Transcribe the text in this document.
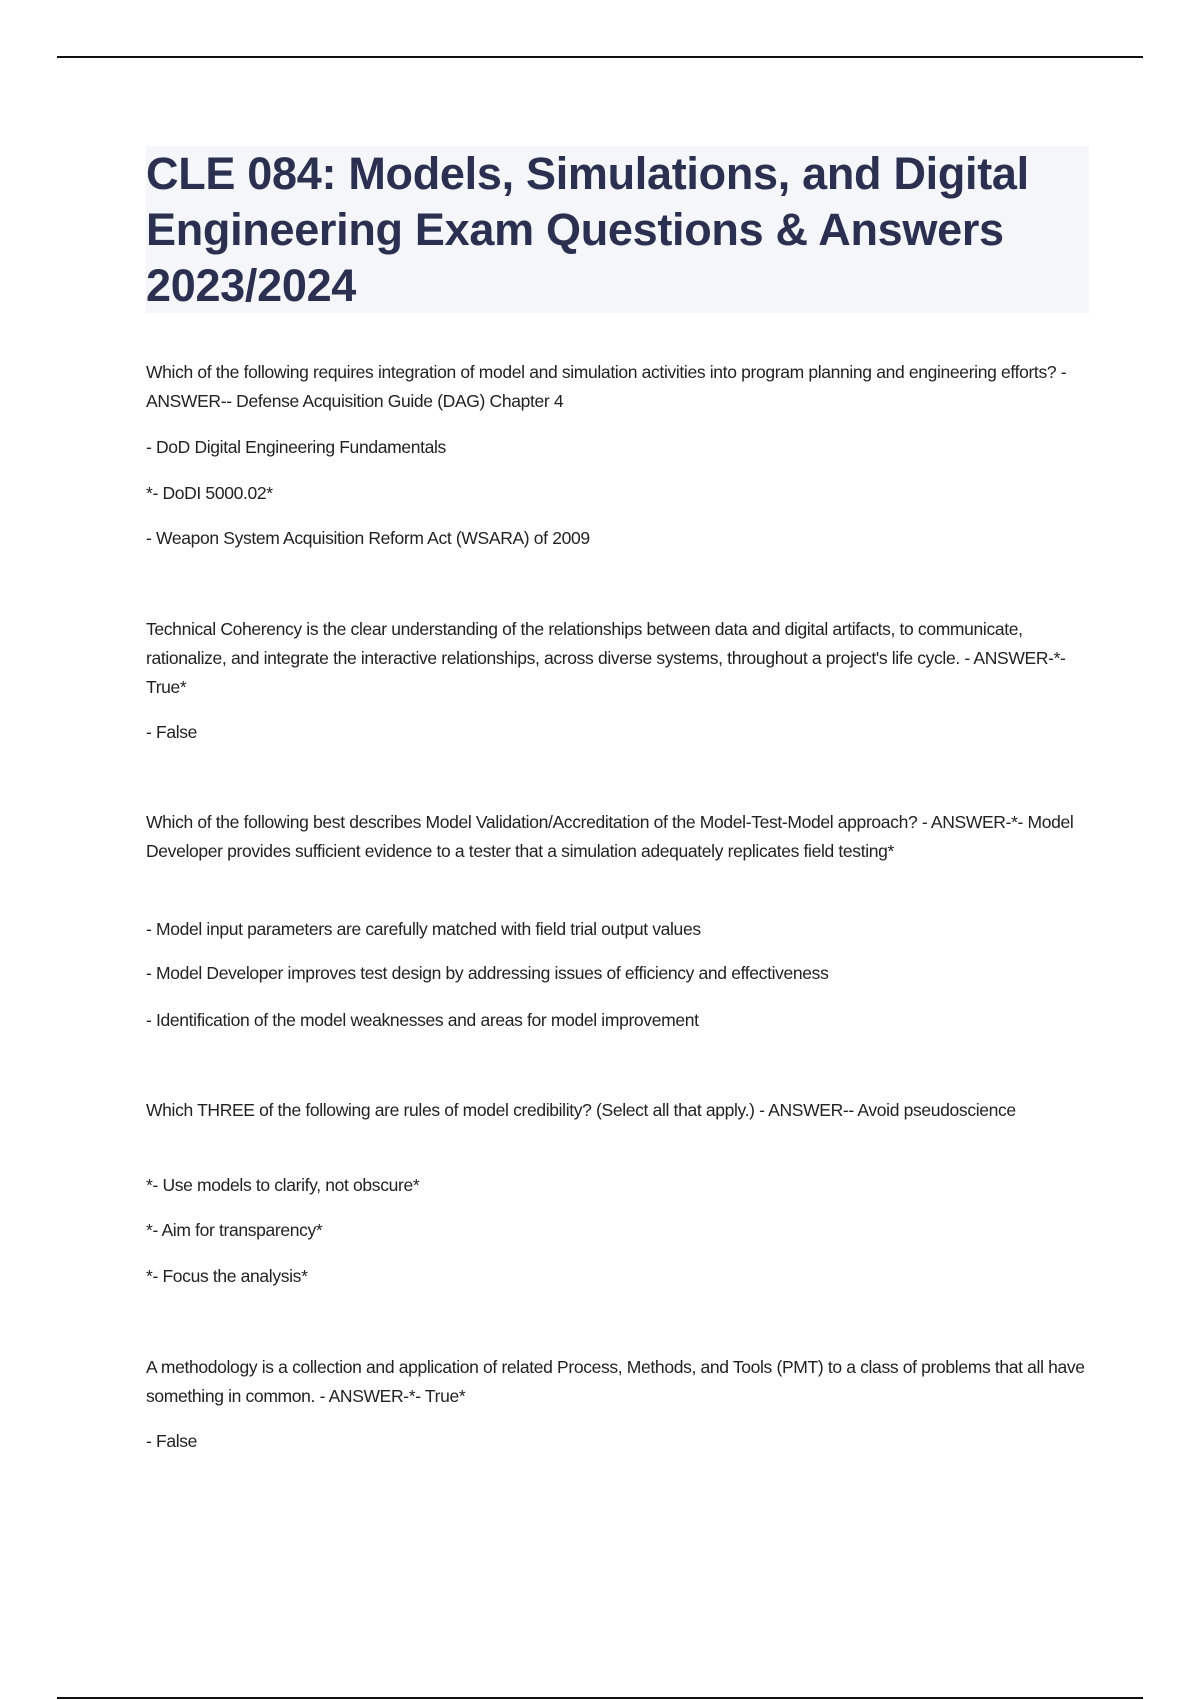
CLE 084: Models, Simulations, and Digital Engineering Exam Questions & Answers 2023/2024

Which of the following requires integration of model and simulation activities into program planning and engineering efforts? - ANSWER-- Defense Acquisition Guide (DAG) Chapter 4

- DoD Digital Engineering Fundamentals

*- DoDI 5000.02*

- Weapon System Acquisition Reform Act (WSARA) of 2009

Technical Coherency is the clear understanding of the relationships between data and digital artifacts, to communicate, rationalize, and integrate the interactive relationships, across diverse systems, throughout a project's life cycle. - ANSWER-*- True*

- False

Which of the following best describes Model Validation/Accreditation of the Model-Test-Model approach? - ANSWER-*- Model Developer provides sufficient evidence to a tester that a simulation adequately replicates field testing*

- Model input parameters are carefully matched with field trial output values

- Model Developer improves test design by addressing issues of efficiency and effectiveness

- Identification of the model weaknesses and areas for model improvement

Which THREE of the following are rules of model credibility? (Select all that apply.) - ANSWER-- Avoid pseudoscience

*- Use models to clarify, not obscure*

*- Aim for transparency*

*- Focus the analysis*

A methodology is a collection and application of related Process, Methods, and Tools (PMT) to a class of problems that all have something in common. - ANSWER-*- True*

- False
